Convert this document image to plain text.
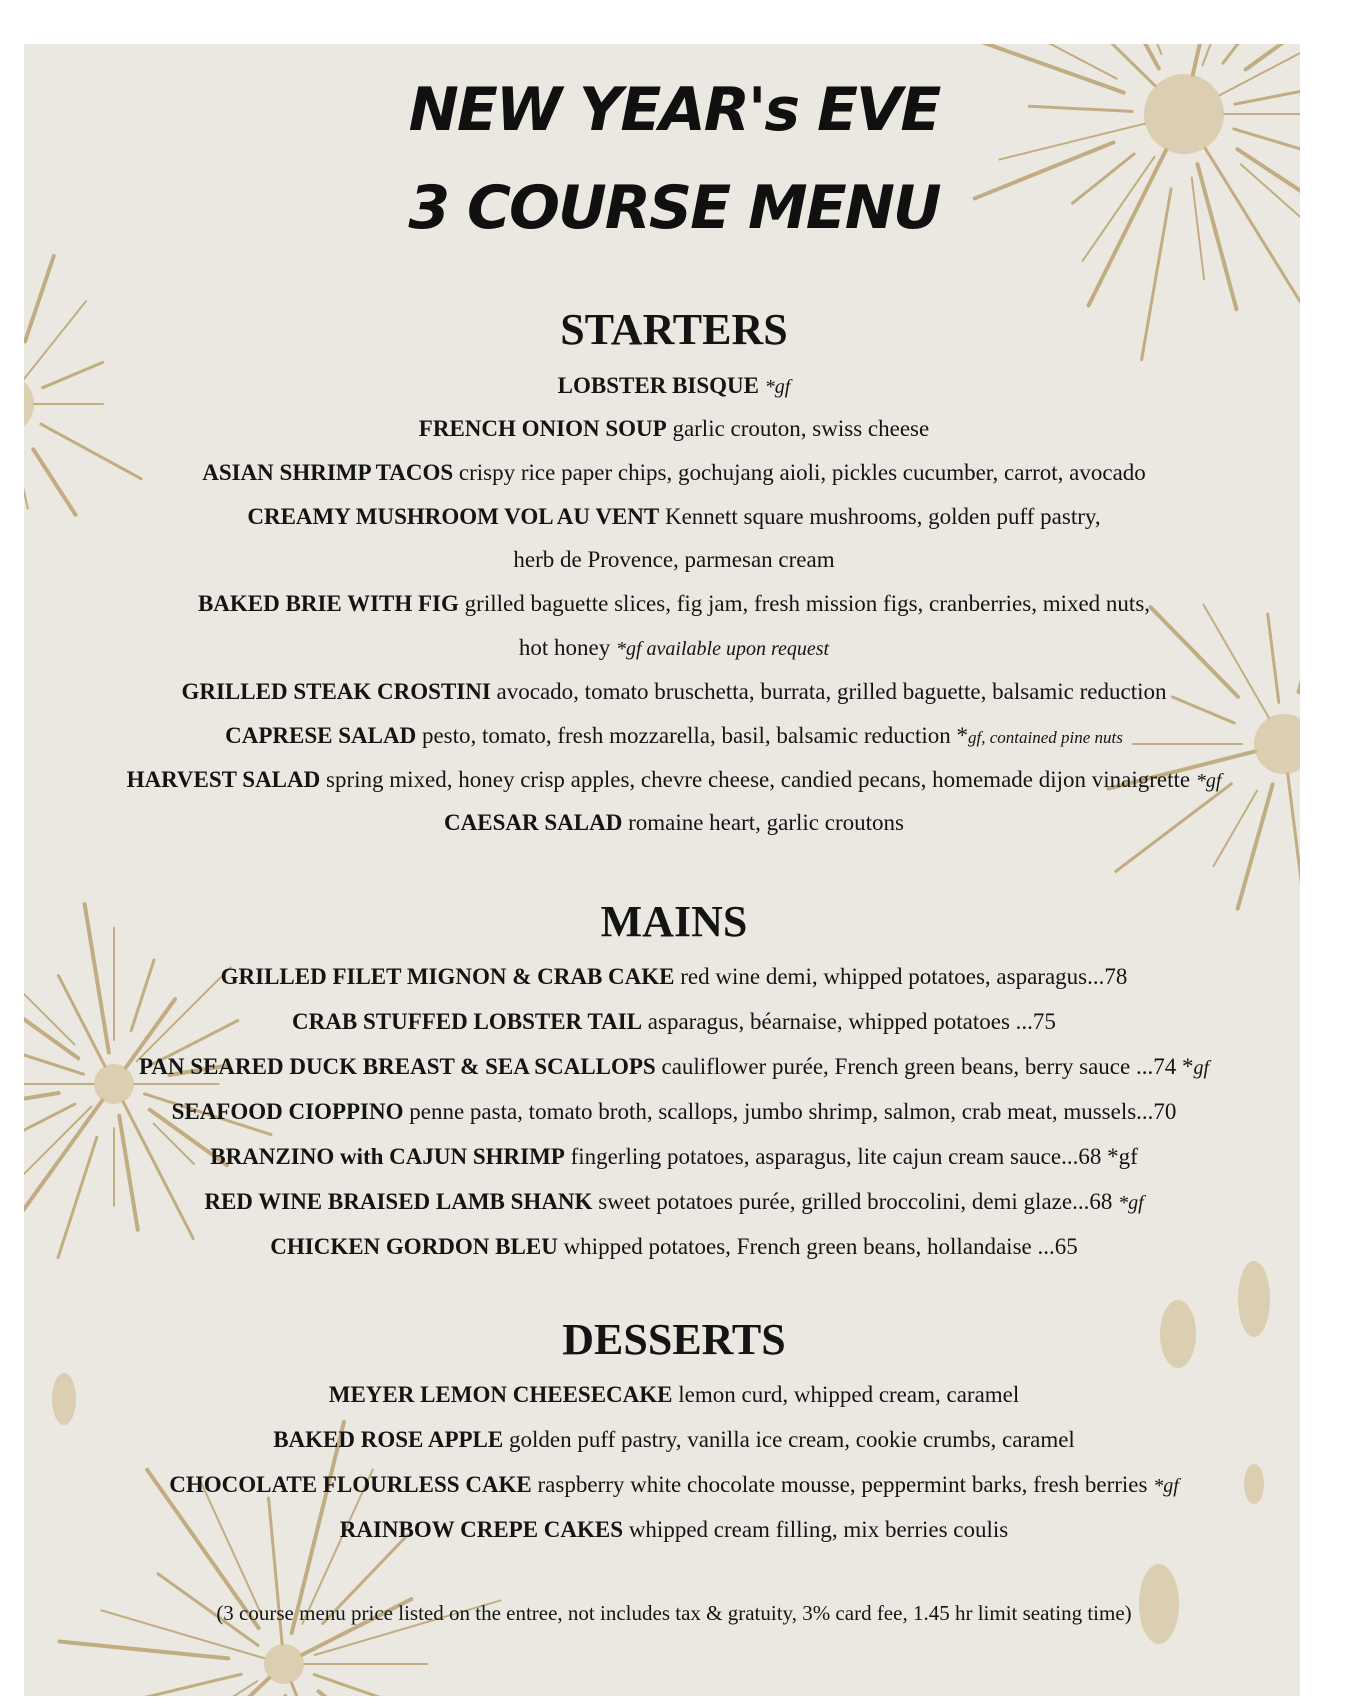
NEW YEAR's EVE
3 COURSE MENU
STARTERS
LOBSTER BISQUE *gf
FRENCH ONION SOUP garlic crouton, swiss cheese
ASIAN SHRIMP TACOS crispy rice paper chips, gochujang aioli, pickles cucumber, carrot, avocado
CREAMY MUSHROOM VOL AU VENT Kennett square mushrooms, golden puff pastry,
herb de Provence, parmesan cream
BAKED BRIE WITH FIG grilled baguette slices, fig jam, fresh mission figs, cranberries, mixed nuts,
hot honey *gf available upon request
GRILLED STEAK CROSTINI avocado, tomato bruschetta, burrata, grilled baguette, balsamic reduction
CAPRESE SALAD pesto, tomato, fresh mozzarella, basil, balsamic reduction *gf, contained pine nuts
HARVEST SALAD spring mixed, honey crisp apples, chevre cheese, candied pecans, homemade dijon vinaigrette *gf
CAESAR SALAD romaine heart, garlic croutons
MAINS
GRILLED FILET MIGNON & CRAB CAKE red wine demi, whipped potatoes, asparagus...78
CRAB STUFFED LOBSTER TAIL asparagus, béarnaise, whipped potatoes ...75
PAN SEARED DUCK BREAST & SEA SCALLOPS cauliflower purée, French green beans, berry sauce ...74 *gf
SEAFOOD CIOPPINO penne pasta, tomato broth, scallops, jumbo shrimp, salmon, crab meat, mussels...70
BRANZINO with CAJUN SHRIMP fingerling potatoes, asparagus, lite cajun cream sauce...68 *gf
RED WINE BRAISED LAMB SHANK sweet potatoes purée, grilled broccolini, demi glaze...68 *gf
CHICKEN GORDON BLEU whipped potatoes, French green beans, hollandaise ...65
DESSERTS
MEYER LEMON CHEESECAKE lemon curd, whipped cream, caramel
BAKED ROSE APPLE golden puff pastry, vanilla ice cream, cookie crumbs, caramel
CHOCOLATE FLOURLESS CAKE raspberry white chocolate mousse, peppermint barks, fresh berries *gf
RAINBOW CREPE CAKES whipped cream filling, mix berries coulis
(3 course menu price listed on the entree, not includes tax & gratuity, 3% card fee, 1.45 hr limit seating time)
